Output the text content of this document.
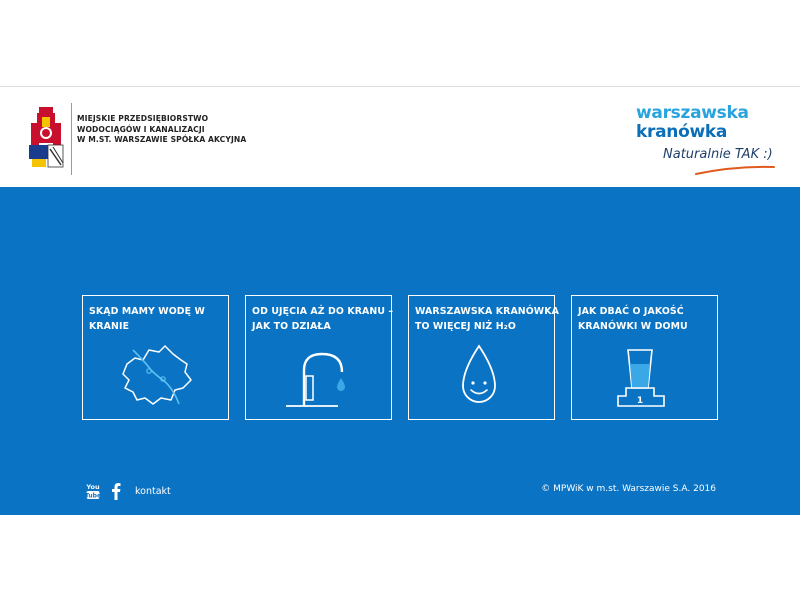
MIEJSKIE PRZEDSIĘBIORSTWO
WODOCIĄGÓW I KANALIZACJI
W M.ST. WARSZAWIE SPÓŁKA AKCYJNA
warszawska
kranówka
Naturalnie TAK :)
SKĄD MAMY WODĘ W
KRANIE
OD UJĘCIA AŻ DO KRANU –
JAK TO DZIAŁA
WARSZAWSKA KRANÓWKA
TO WIĘCEJ NIŻ H₂O
JAK DBAĆ O JAKOŚĆ
KRANÓWKI W DOMU
1
You
Tube	kontakt	© MPWiK w m.st. Warszawie S.A. 2016
